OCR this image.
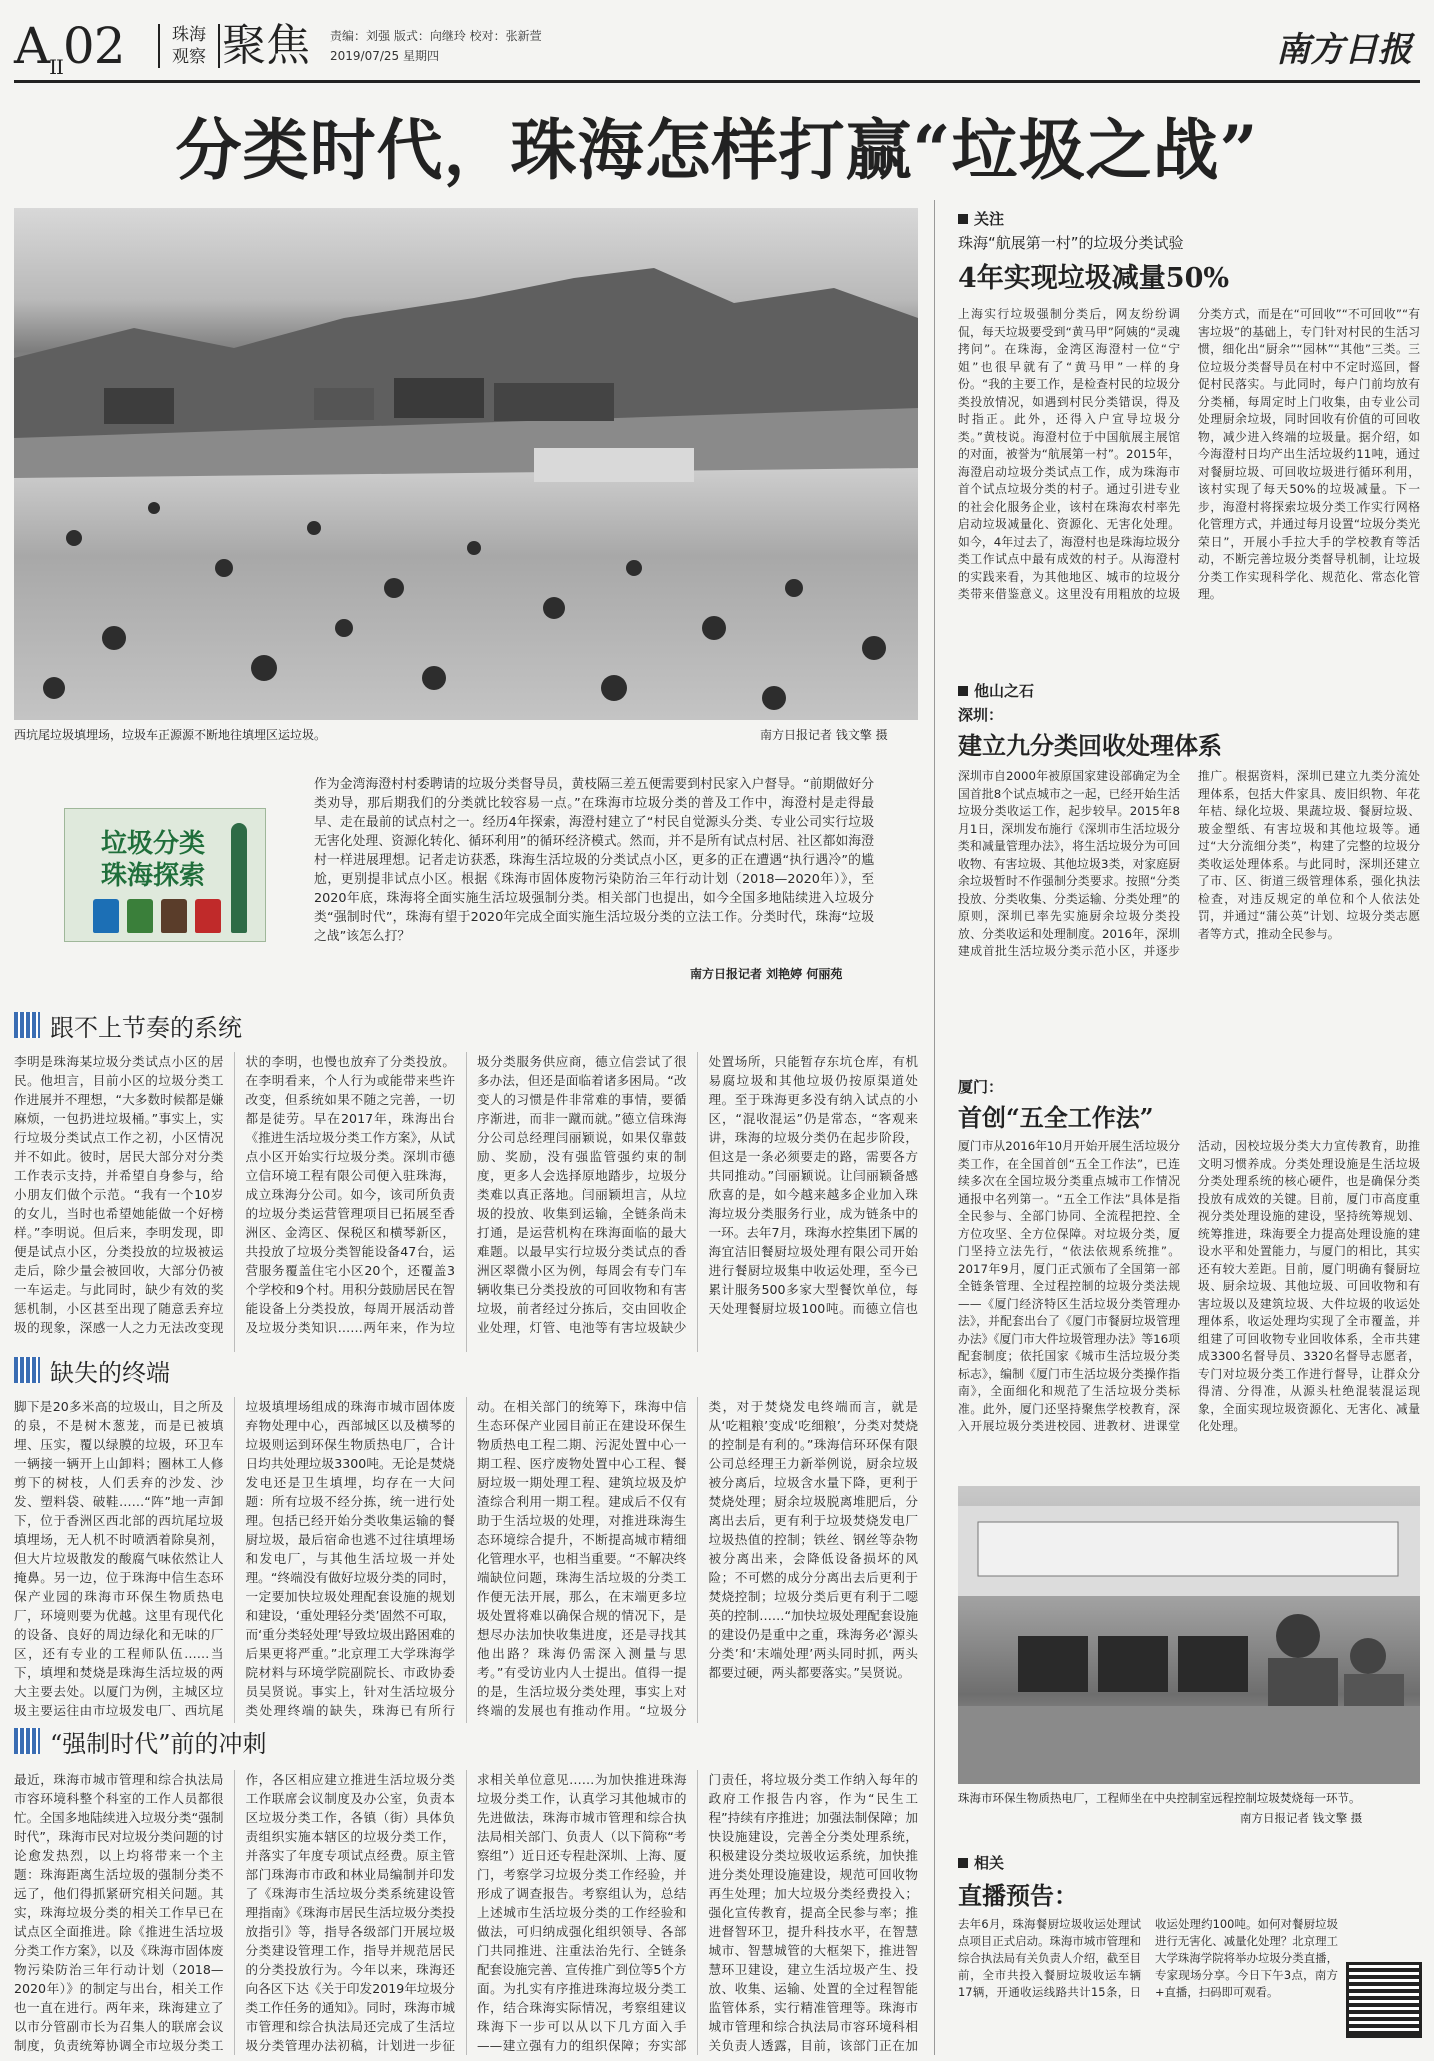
$A_{II}02$	珠海观察 聚焦 责编：刘强 版式：向继玲 校对：张新萱
2019/07/25 星期四	南方日报
分类时代，珠海怎样打赢“垃圾之战”
西坑尾垃圾填埋场，垃圾车正源源不断地往填埋区运垃圾。	南方日报记者 钱文擎 摄
垃圾分类
珠海探索
作为金湾海澄村村委聘请的垃圾分类督导员，黄枝隔三差五便需要到村民家入户督导。“前期做好分类劝导，那后期我们的分类就比较容易一点。”在珠海市垃圾分类的普及工作中，海澄村是走得最早、走在最前的试点村之一。经历4年探索，海澄村建立了“村民自觉源头分类、专业公司实行垃圾无害化处理、资源化转化、循环利用”的循环经济模式。然而，并不是所有试点村居、社区都如海澄村一样进展理想。记者走访获悉，珠海生活垃圾的分类试点小区，更多的正在遭遇“执行遇冷”的尴尬，更别提非试点小区。根据《珠海市固体废物污染防治三年行动计划（2018—2020年）》，至2020年底，珠海将全面实施生活垃圾强制分类。相关部门也提出，如今全国多地陆续进入垃圾分类“强制时代”，珠海有望于2020年完成全面实施生活垃圾分类的立法工作。分类时代，珠海“垃圾之战”该怎么打？
南方日报记者 刘艳婷 何丽苑
跟不上节奏的系统
李明是珠海某垃圾分类试点小区的居民。他坦言，目前小区的垃圾分类工作进展并不理想，“大多数时候都是嫌麻烦，一包扔进垃圾桶。”事实上，实行垃圾分类试点工作之初，小区情况并不如此。彼时，居民大部分对分类工作表示支持，并希望自身参与，给小朋友们做个示范。“我有一个10岁的女儿，当时也希望她能做一个好榜样。”李明说。但后来，李明发现，即便是试点小区，分类投放的垃圾被运走后，除少量会被回收，大部分仍被一车运走。与此同时，缺少有效的奖惩机制，小区甚至出现了随意丢弃垃圾的现象，深感一人之力无法改变现状的李明，也慢也放弃了分类投放。在李明看来，个人行为或能带来些许改变，但系统如果不随之完善，一切都是徒劳。早在2017年，珠海出台《推进生活垃圾分类工作方案》，从试点小区开始实行垃圾分类。深圳市德立信环境工程有限公司便入驻珠海，成立珠海分公司。如今，该司所负责的垃圾分类运营管理项目已拓展至香洲区、金湾区、保税区和横琴新区，共投放了垃圾分类智能设备47台，运营服务覆盖住宅小区20个，还覆盖3个学校和9个村。用积分鼓励居民在智能设备上分类投放，每周开展活动普及垃圾分类知识……两年来，作为垃圾分类服务供应商，德立信尝试了很多办法，但还是面临着诸多困局。“改变人的习惯是件非常难的事情，要循序渐进，而非一蹴而就。”德立信珠海分公司总经理闫丽颖说，如果仅靠鼓励、奖励，没有强监管强约束的制度，更多人会选择原地踏步，垃圾分类难以真正落地。闫丽颖坦言，从垃圾的投放、收集到运输，全链条尚未打通，是运营机构在珠海面临的最大难题。以最早实行垃圾分类试点的香洲区翠微小区为例，每周会有专门车辆收集已分类投放的可回收物和有害垃圾，前者经过分拣后，交由回收企业处理，灯管、电池等有害垃圾缺少处置场所，只能暂存东坑仓库，有机易腐垃圾和其他垃圾仍按原渠道处理。至于珠海更多没有纳入试点的小区，“混收混运”仍是常态，“客观来讲，珠海的垃圾分类仍在起步阶段，但这是一条必须要走的路，需要各方共同推动。”闫丽颖说。让闫丽颖备感欣喜的是，如今越来越多企业加入珠海垃圾分类服务行业，成为链条中的一环。去年7月，珠海水控集团下属的海宜洁旧餐厨垃圾处理有限公司开始进行餐厨垃圾集中收运处理，至今已累计服务500多家大型餐饮单位，每天处理餐厨垃圾100吨。而德立信也
缺失的终端
脚下是20多米高的垃圾山，目之所及的泉，不是树木葱茏，而是已被填埋、压实，覆以绿膜的垃圾，环卫车一辆接一辆开上山卸料；圈林工人修剪下的树枝，人们丢弃的沙发、沙发、塑料袋、破鞋……“阵”地一声卸下，位于香洲区西北部的西坑尾垃圾填埋场，无人机不时喷洒着除臭剂，但大片垃圾散发的酸腐气味依然让人掩鼻。另一边，位于珠海中信生态环保产业园的珠海市环保生物质热电厂，环境则要为优越。这里有现代化的设备、良好的周边绿化和无味的厂区，还有专业的工程师队伍……当下，填埋和焚烧是珠海生活垃圾的两大主要去处。以厦门为例，主城区垃圾主要运往由市垃圾发电厂、西坑尾垃圾填埋场组成的珠海市城市固体废弃物处理中心，西部城区以及横琴的垃圾则运到环保生物质热电厂，合计日均共处理垃圾3300吨。无论是焚烧发电还是卫生填埋，均存在一大问题：所有垃圾不经分拣，统一进行处理。包括已经开始分类收集运输的餐厨垃圾，最后宿命也逃不过往填埋场和发电厂，与其他生活垃圾一并处理。“终端没有做好垃圾分类的同时，一定要加快垃圾处理配套设施的规划和建设，‘重处理轻分类’固然不可取，而‘重分类轻处理’导致垃圾出路困难的后果更将严重。”北京理工大学珠海学院材料与环境学院副院长、市政协委员吴贤说。事实上，针对生活垃圾分类处理终端的缺失，珠海已有所行动。在相关部门的统筹下，珠海中信生态环保产业园目前正在建设环保生物质热电工程二期、污泥处置中心一期工程、医疗废物处置中心工程、餐厨垃圾一期处理工程、建筑垃圾及炉渣综合利用一期工程。建成后不仅有助于生活垃圾的处理，对推进珠海生态环境综合提升，不断提高城市精细化管理水平，也相当重要。“不解决终端缺位问题，珠海生活垃圾的分类工作便无法开展，那么，在末端更多垃圾处置将难以确保合规的情况下，是想尽办法加快收集进度，还是寻找其他出路？珠海仍需深入测量与思考。”有受访业内人士提出。值得一提的是，生活垃圾分类处理，事实上对终端的发展也有推动作用。“垃圾分类，对于焚烧发电终端而言，就是从‘吃粗粮’变成‘吃细粮’，分类对焚烧的控制是有利的。”珠海信环环保有限公司总经理王力新举例说，厨余垃圾被分离后，垃圾含水量下降，更利于焚烧处理；厨余垃圾脱离堆肥后，分离出去后，更有利于垃圾焚烧发电厂垃圾热值的控制；铁丝、钢丝等杂物被分离出来，会降低设备损坏的风险；不可燃的成分分离出去后更利于焚烧控制；垃圾分类后更有利于二噁英的控制……“加快垃圾处理配套设施的建设仍是重中之重，珠海务必‘源头分类’和‘末端处理’两头同时抓，两头都要过硬，两头都要落实。”吴贤说。
“强制时代”前的冲刺
最近，珠海市城市管理和综合执法局市容环境科整个科室的工作人员都很忙。全国多地陆续进入垃圾分类“强制时代”，珠海市民对垃圾分类问题的讨论愈发热烈，以上均将带来一个主题：珠海距离生活垃圾的强制分类不远了，他们得抓紧研究相关问题。其实，珠海垃圾分类的相关工作早已在试点区全面推进。除《推进生活垃圾分类工作方案》，以及《珠海市固体废物污染防治三年行动计划（2018—2020年）》的制定与出台，相关工作也一直在进行。两年来，珠海建立了以市分管副市长为召集人的联席会议制度，负责统筹协调全市垃圾分类工作，各区相应建立推进生活垃圾分类工作联席会议制度及办公室，负责本区垃圾分类工作，各镇（街）具体负责组织实施本辖区的垃圾分类工作，并落实了年度专项试点经费。原主管部门珠海市市政和林业局编制并印发了《珠海市生活垃圾分类系统建设管理指南》《珠海市居民生活垃圾分类投放指引》等，指导各级部门开展垃圾分类建设管理工作，指导并规范居民的分类投放行为。今年以来，珠海还向各区下达《关于印发2019年垃圾分类工作任务的通知》。同时，珠海市城市管理和综合执法局还完成了生活垃圾分类管理办法初稿，计划进一步征求相关单位意见……为加快推进珠海垃圾分类工作，认真学习其他城市的先进做法，珠海市城市管理和综合执法局相关部门、负责人（以下简称“考察组”）近日还专程赴深圳、上海、厦门，考察学习垃圾分类工作经验，并形成了调查报告。考察组认为，总结上述城市生活垃圾分类的工作经验和做法，可归纳成强化组织领导、各部门共同推进、注重法治先行、全链条配套设施完善、宣传推广到位等5个方面。为扎实有序推进珠海垃圾分类工作，结合珠海实际情况，考察组建议珠海下一步可以从以下几方面入手——建立强有力的组织保障；夯实部门责任，将垃圾分类工作纳入每年的政府工作报告内容，作为“民生工程”持续有序推进；加强法制保障；加快设施建设，完善全分类处理系统，积极建设分类垃圾收运系统，加快推进分类处理设施建设，规范可回收物再生处理；加大垃圾分类经费投入；强化宣传教育，提高全民参与率；推进督智环卫，提升科技水平，在智慧城市、智慧城管的大框架下，推进智慧环卫建设，建立生活垃圾产生、投放、收集、运输、处置的全过程智能监管体系，实行精准管理等。珠海市城市管理和综合执法局市容环境科相关负责人透露，目前，该部门正在加
关注
珠海“航展第一村”的垃圾分类试验
4年实现垃圾减量50%
上海实行垃圾强制分类后，网友纷纷调侃，每天垃圾要受到“黄马甲”阿姨的“灵魂拷问”。在珠海，金湾区海澄村一位“宁姐”也很早就有了“黄马甲”一样的身份。“我的主要工作，是检查村民的垃圾分类投放情况，如遇到村民分类错误，得及时指正。此外，还得入户宣导垃圾分类。”黄枝说。海澄村位于中国航展主展馆的对面，被誉为“航展第一村”。2015年，海澄启动垃圾分类试点工作，成为珠海市首个试点垃圾分类的村子。通过引进专业的社会化服务企业，该村在珠海农村率先启动垃圾减量化、资源化、无害化处理。如今，4年过去了，海澄村也是珠海垃圾分类工作试点中最有成效的村子。从海澄村的实践来看，为其他地区、城市的垃圾分类带来借鉴意义。这里没有用粗放的垃圾分类方式，而是在“可回收”“不可回收”“有害垃圾”的基础上，专门针对村民的生活习惯，细化出“厨余”“园林”“其他”三类。三位垃圾分类督导员在村中不定时巡回，督促村民落实。与此同时，每户门前均放有分类桶，每周定时上门收集，由专业公司处理厨余垃圾，同时回收有价值的可回收物，减少进入终端的垃圾量。据介绍，如今海澄村日均产出生活垃圾约11吨，通过对餐厨垃圾、可回收垃圾进行循环利用，该村实现了每天50%的垃圾减量。下一步，海澄村将探索垃圾分类工作实行网格化管理方式，并通过每月设置“垃圾分类光荣日”，开展小手拉大手的学校教育等活动，不断完善垃圾分类督导机制，让垃圾分类工作实现科学化、规范化、常态化管理。
他山之石
深圳：
建立九分类回收处理体系
深圳市自2000年被原国家建设部确定为全国首批8个试点城市之一起，已经开始生活垃圾分类收运工作，起步较早。2015年8月1日，深圳发布施行《深圳市生活垃圾分类和减量管理办法》，将生活垃圾分为可回收物、有害垃圾、其他垃圾3类，对家庭厨余垃圾暂时不作强制分类要求。按照“分类投放、分类收集、分类运输、分类处理”的原则，深圳已率先实施厨余垃圾分类投放、分类收运和处理制度。2016年，深圳建成首批生活垃圾分类示范小区，并逐步推广。根据资料，深圳已建立九类分流处理体系，包括大件家具、废旧织物、年花年桔、绿化垃圾、果蔬垃圾、餐厨垃圾、玻金塑纸、有害垃圾和其他垃圾等。通过“大分流细分类”，构建了完整的垃圾分类收运处理体系。与此同时，深圳还建立了市、区、街道三级管理体系，强化执法检查，对违反规定的单位和个人依法处罚，并通过“蒲公英”计划、垃圾分类志愿者等方式，推动全民参与。
厦门：
首创“五全工作法”
厦门市从2016年10月开始开展生活垃圾分类工作，在全国首创“五全工作法”，已连续多次在全国垃圾分类重点城市工作情况通报中名列第一。“五全工作法”具体是指全民参与、全部门协同、全流程把控、全方位攻坚、全方位保障。对垃圾分类，厦门坚持立法先行，“依法依规系统推”。2017年9月，厦门正式颁布了全国第一部全链条管理、全过程控制的垃圾分类法规——《厦门经济特区生活垃圾分类管理办法》，并配套出台了《厦门市餐厨垃圾管理办法》《厦门市大件垃圾管理办法》等16项配套制度；依托国家《城市生活垃圾分类标志》，编制《厦门市生活垃圾分类操作指南》，全面细化和规范了生活垃圾分类标准。此外，厦门还坚持聚焦学校教育，深入开展垃圾分类进校园、进教材、进课堂活动，因校垃圾分类大力宣传教育，助推文明习惯养成。分类处理设施是生活垃圾分类处理系统的核心硬件，也是确保分类投放有成效的关键。目前，厦门市高度重视分类处理设施的建设，坚持统筹规划、统筹推进，珠海要全力提高处理设施的建设水平和处置能力，与厦门的相比，其实还有较大差距。目前，厦门明确有餐厨垃圾、厨余垃圾、其他垃圾、可回收物和有害垃圾以及建筑垃圾、大件垃圾的收运处理体系，收运处理均实现了全市覆盖，并组建了可回收物专业回收体系，全市共建成3300名督导员、3320名督导志愿者，专门对垃圾分类工作进行督导，让群众分得清、分得准，从源头杜绝混装混运现象，全面实现垃圾资源化、无害化、减量化处理。
珠海市环保生物质热电厂，工程师坐在中央控制室远程控制垃圾焚烧每一环节。
南方日报记者 钱文擎 摄
相关
直播预告：
去年6月，珠海餐厨垃圾收运处理试点项目正式启动。珠海市城市管理和综合执法局有关负责人介绍，截至目前，全市共投入餐厨垃圾收运车辆17辆，开通收运线路共计15条，日收运处理约100吨。如何对餐厨垃圾进行无害化、减量化处理？北京理工大学珠海学院将举办垃圾分类直播，专家现场分享。今日下午3点，南方+直播，扫码即可观看。
